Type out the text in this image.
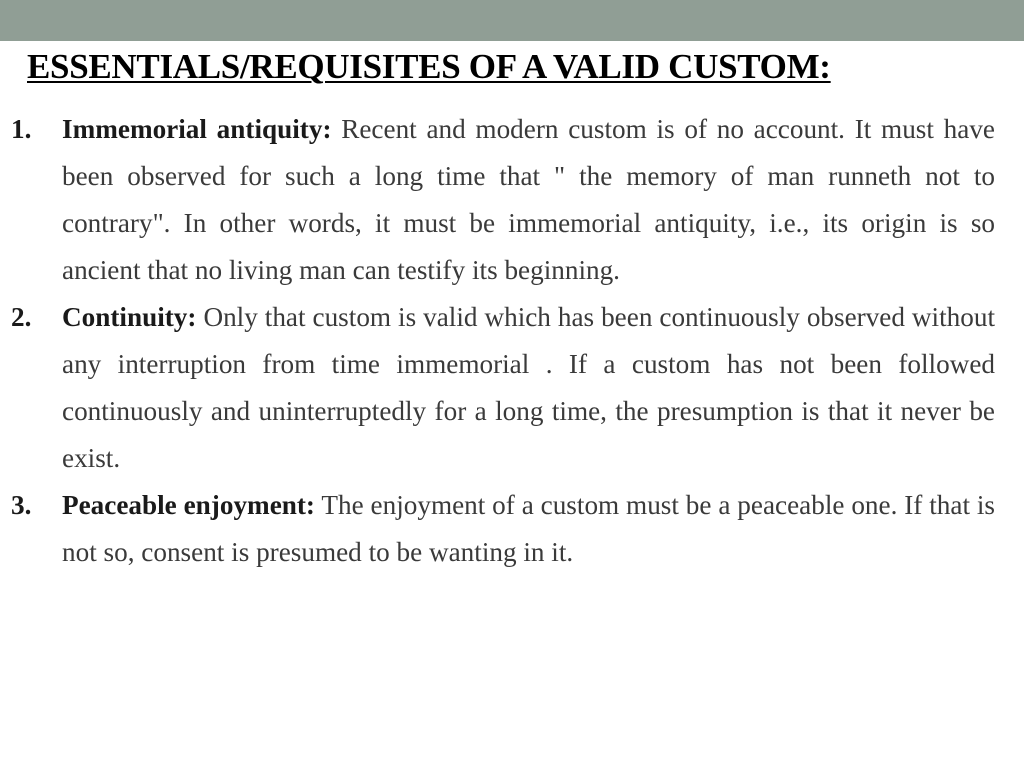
ESSENTIALS/REQUISITES OF A VALID CUSTOM:
1. Immemorial antiquity: Recent and modern custom is of no account. It must have been observed for such a long time that " the memory of man runneth not to contrary". In other words, it must be immemorial antiquity, i.e., its origin is so ancient that no living man can testify its beginning.
2. Continuity: Only that custom is valid which has been continuously observed without any interruption from time immemorial . If a custom has not been followed continuously and uninterruptedly for a long time, the presumption is that it never be exist.
3. Peaceable enjoyment: The enjoyment of a custom must be a peaceable one. If that is not so, consent is presumed to be wanting in it.
